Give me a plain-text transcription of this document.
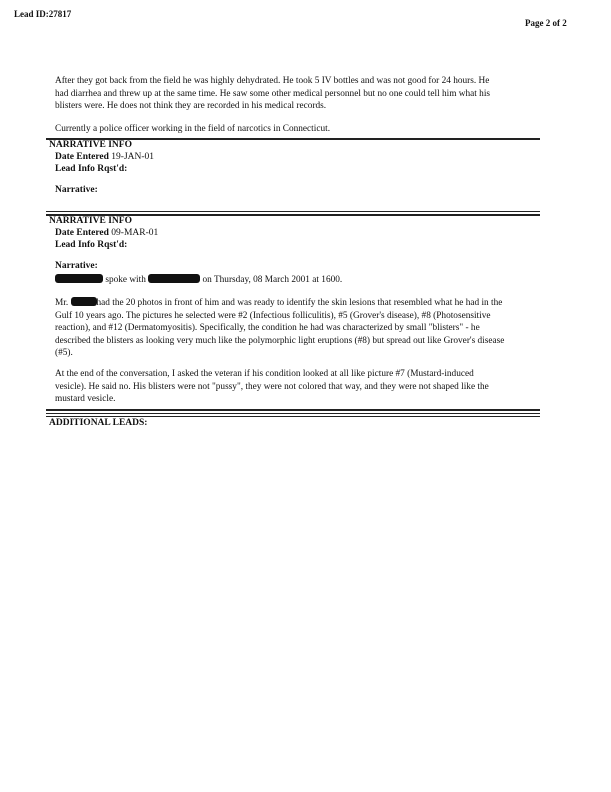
Lead ID:27817
Page 2 of 2
After they got back from the field he was highly dehydrated. He took 5 IV bottles and was not good for 24 hours. He
had diarrhea and threw up at the same time. He saw some other medical personnel but no one could tell him what his
blisters were. He does not think they are recorded in his medical records.
Currently a police officer working in the field of narcotics in Connecticut.
NARRATIVE INFO
Date Entered 19-JAN-01
Lead Info Rqst'd:
Narrative:
NARRATIVE INFO
Date Entered 09-MAR-01
Lead Info Rqst'd:
Narrative:
spoke with	on Thursday, 08 March 2001 at 1600.
Mr.	had the 20 photos in front of him and was ready to identify the skin lesions that resembled what he had in the
Gulf 10 years ago. The pictures he selected were #2 (Infectious folliculitis), #5 (Grover's disease), #8 (Photosensitive
reaction), and #12 (Dermatomyositis). Specifically, the condition he had was characterized by small "blisters" - he
described the blisters as looking very much like the polymorphic light eruptions (#8) but spread out like Grover's disease
(#5).
At the end of the conversation, I asked the veteran if his condition looked at all like picture #7 (Mustard-induced
vesicle). He said no. His blisters were not "pussy", they were not colored that way, and they were not shaped like the
mustard vesicle.
ADDITIONAL LEADS:
